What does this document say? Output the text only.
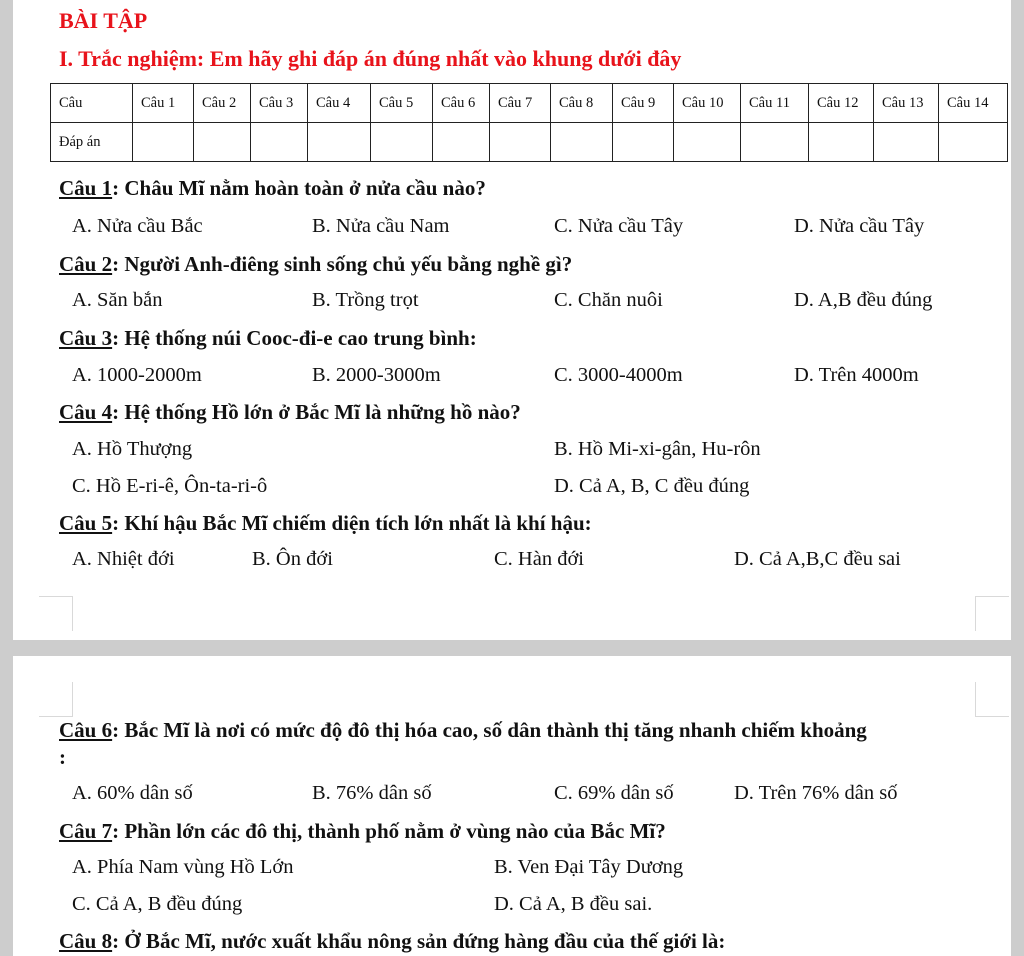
BÀI TẬP
I. Trắc nghiệm: Em hãy ghi đáp án đúng nhất vào khung dưới đây
Câu	Câu 1	Câu 2	Câu 3	Câu 4	Câu 5	Câu 6	Câu 7	Câu 8	Câu 9	Câu 10	Câu 11	Câu 12	Câu 13	Câu 14
Đáp án														
Câu 1: Châu Mĩ nằm hoàn toàn ở nửa cầu nào?
A. Nửa cầu Bắc	B. Nửa cầu Nam	C. Nửa cầu Tây	D. Nửa cầu Tây
Câu 2: Người Anh-điêng sinh sống chủ yếu bằng nghề gì?
A. Săn bắn	B. Trồng trọt	C. Chăn nuôi	D. A,B đều đúng
Câu 3: Hệ thống núi Cooc-đi-e cao trung bình:
A. 1000-2000m	B. 2000-3000m	C. 3000-4000m	D. Trên 4000m
Câu 4: Hệ thống Hồ lớn ở Bắc Mĩ là những hồ nào?
A. Hồ Thượng	B. Hồ Mi-xi-gân, Hu-rôn
C. Hồ E-ri-ê, Ôn-ta-ri-ô	D. Cả A, B, C đều đúng
Câu 5: Khí hậu Bắc Mĩ chiếm diện tích lớn nhất là khí hậu:
A. Nhiệt đới	B. Ôn đới	C. Hàn đới	D. Cả A,B,C đều sai
Câu 6: Bắc Mĩ là nơi có mức độ đô thị hóa cao, số dân thành thị tăng nhanh chiếm khoảng
:
A. 60% dân số	B. 76% dân số	C. 69% dân số	D. Trên 76% dân số
Câu 7: Phần lớn các đô thị, thành phố nằm ở vùng nào của Bắc Mĩ?
A. Phía Nam vùng Hồ Lớn	B. Ven Đại Tây Dương
C. Cả A, B đều đúng	D. Cả A, B đều sai.
Câu 8: Ở Bắc Mĩ, nước xuất khẩu nông sản đứng hàng đầu của thế giới là:
